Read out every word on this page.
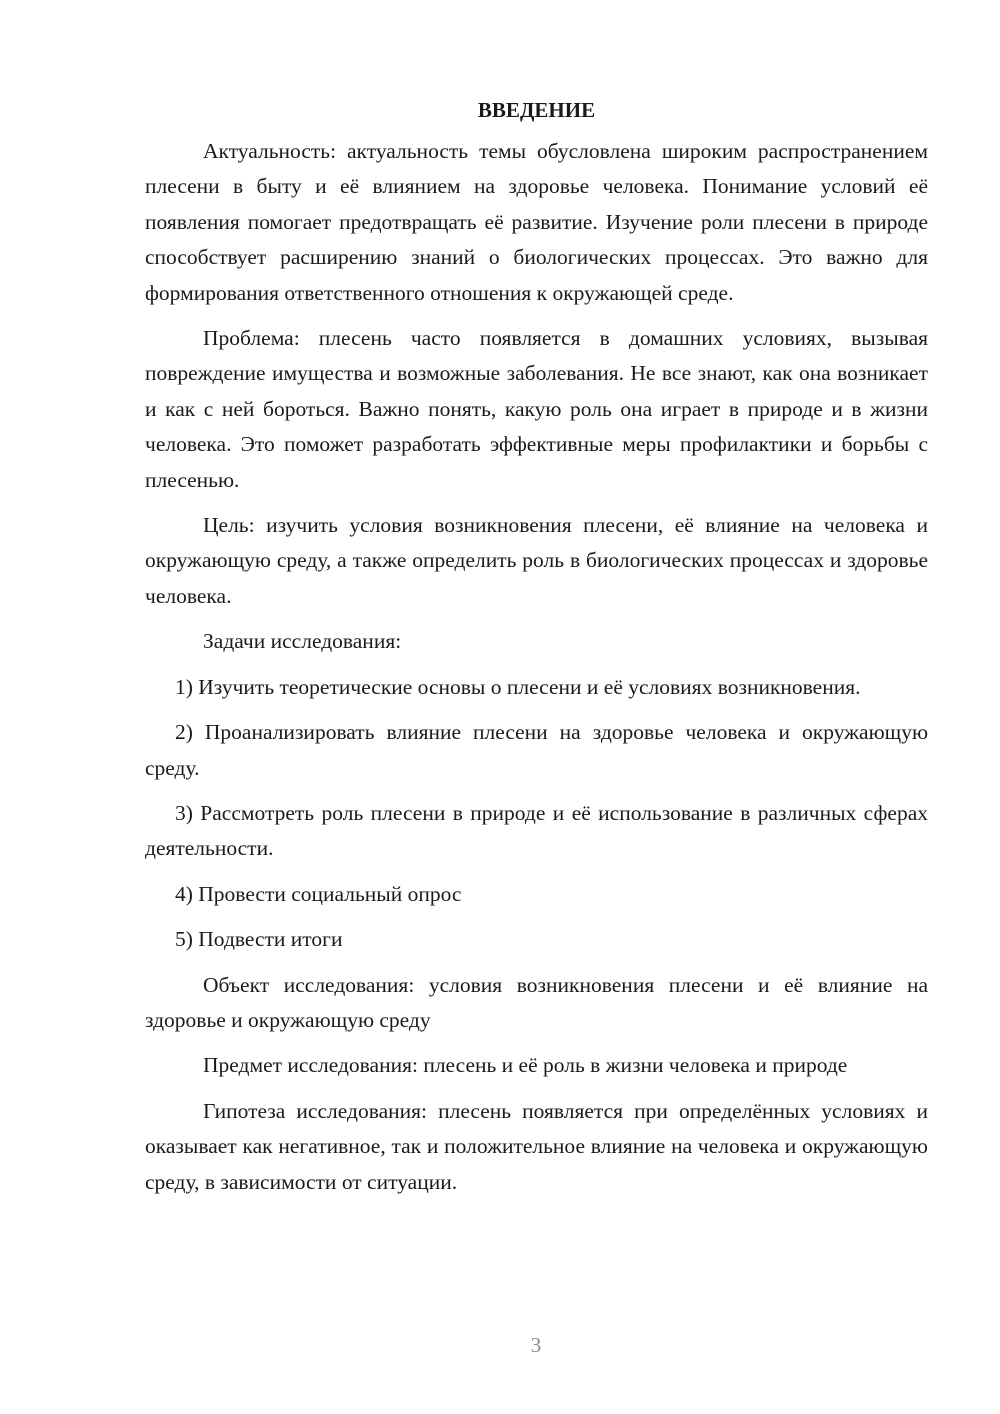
ВВЕДЕНИЕ

Актуальность: актуальность темы обусловлена широким распространением плесени в быту и её влиянием на здоровье человека. Понимание условий её появления помогает предотвращать её развитие. Изучение роли плесени в природе способствует расширению знаний о биологических процессах. Это важно для формирования ответственного отношения к окружающей среде.

Проблема: плесень часто появляется в домашних условиях, вызывая повреждение имущества и возможные заболевания. Не все знают, как она возникает и как с ней бороться. Важно понять, какую роль она играет в природе и в жизни человека. Это поможет разработать эффективные меры профилактики и борьбы с плесенью.

Цель: изучить условия возникновения плесени, её влияние на человека и окружающую среду, а также определить роль в биологических процессах и здоровье человека.

Задачи исследования:

1) Изучить теоретические основы о плесени и её условиях возникновения.

2) Проанализировать влияние плесени на здоровье человека и окружающую среду.

3) Рассмотреть роль плесени в природе и её использование в различных сферах деятельности.

4) Провести социальный опрос

5) Подвести итоги

Объект исследования: условия возникновения плесени и её влияние на здоровье и окружающую среду

Предмет исследования: плесень и её роль в жизни человека и природе

Гипотеза исследования: плесень появляется при определённых условиях и оказывает как негативное, так и положительное влияние на человека и окружающую среду, в зависимости от ситуации.

3
